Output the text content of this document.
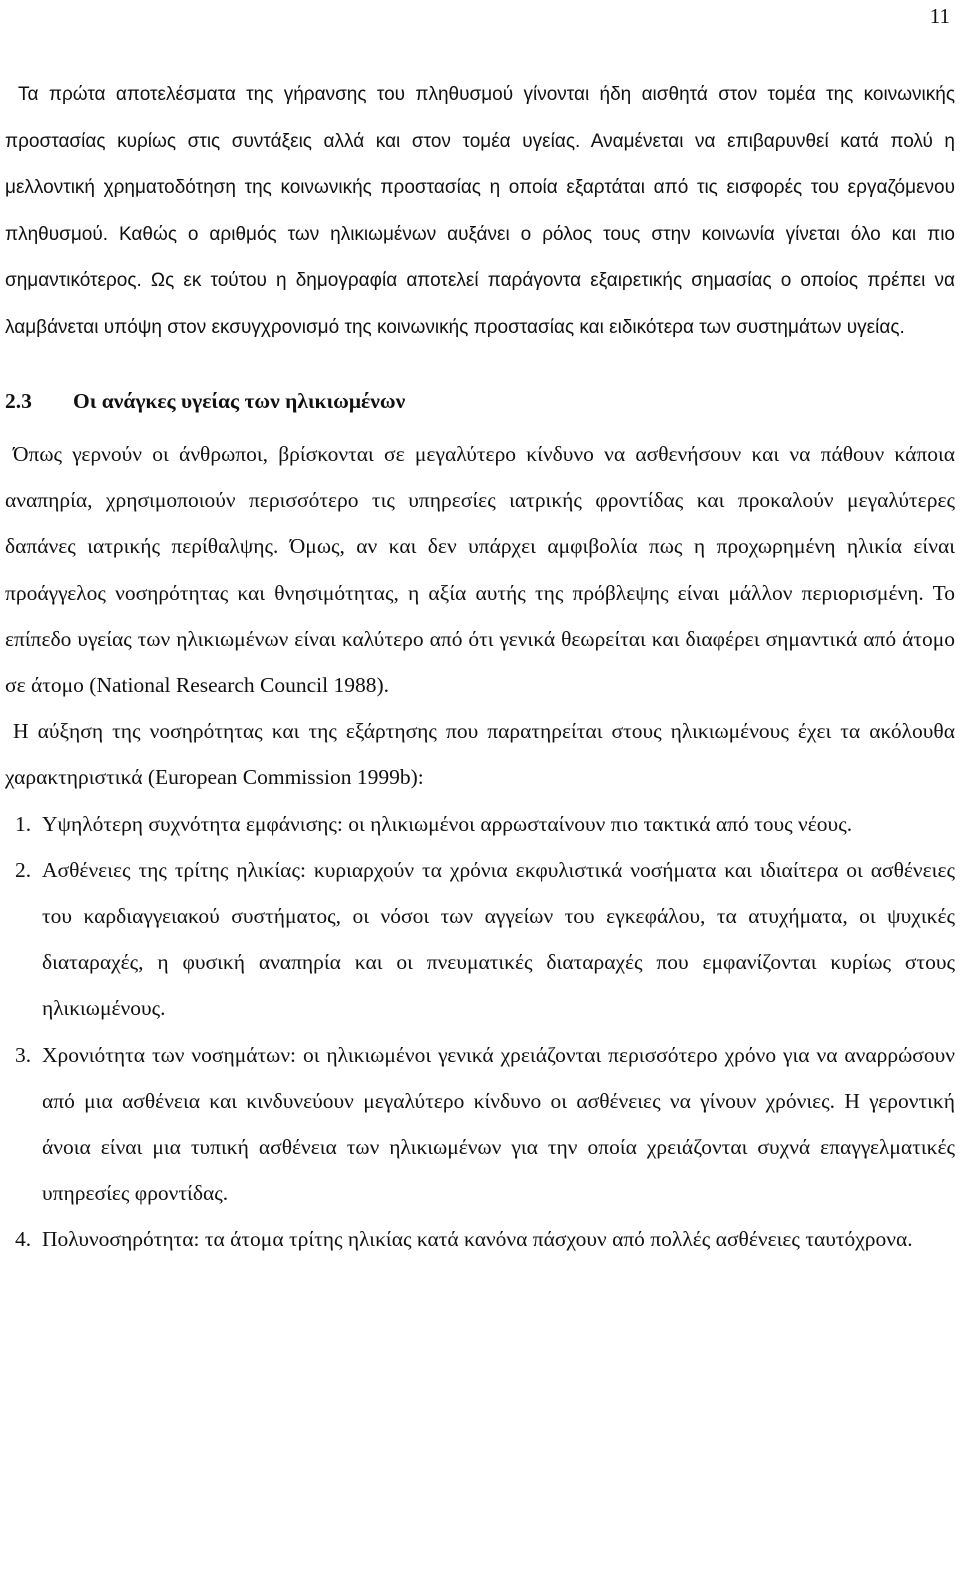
11

Τα πρώτα αποτελέσματα της γήρανσης του πληθυσμού γίνονται ήδη αισθητά στον τομέα της κοινωνικής προστασίας κυρίως στις συντάξεις αλλά και στον τομέα υγείας. Αναμένεται να επιβαρυνθεί κατά πολύ η μελλοντική χρηματοδότηση της κοινωνικής προστασίας η οποία εξαρτάται από τις εισφορές του εργαζόμενου πληθυσμού. Καθώς ο αριθμός των ηλικιωμένων αυξάνει ο ρόλος τους στην κοινωνία γίνεται όλο και πιο σημαντικότερος. Ως εκ τούτου η δημογραφία αποτελεί παράγοντα εξαιρετικής σημασίας ο οποίος πρέπει να λαμβάνεται υπόψη στον εκσυγχρονισμό της κοινωνικής προστασίας και ειδικότερα των συστημάτων υγείας.

2.3	Οι ανάγκες υγείας των ηλικιωμένων

Όπως γερνούν οι άνθρωποι, βρίσκονται σε μεγαλύτερο κίνδυνο να ασθενήσουν και να πάθουν κάποια αναπηρία, χρησιμοποιούν περισσότερο τις υπηρεσίες ιατρικής φροντίδας και προκαλούν μεγαλύτερες δαπάνες ιατρικής περίθαλψης. Όμως, αν και δεν υπάρχει αμφιβολία πως η προχωρημένη ηλικία είναι προάγγελος νοσηρότητας και θνησιμότητας, η αξία αυτής της πρόβλεψης είναι μάλλον περιορισμένη. Το επίπεδο υγείας των ηλικιωμένων είναι καλύτερο από ότι γενικά θεωρείται και διαφέρει σημαντικά από άτομο σε άτομο (National Research Council 1988).

Η αύξηση της νοσηρότητας και της εξάρτησης που παρατηρείται στους ηλικιωμένους έχει τα ακόλουθα χαρακτηριστικά (European Commission 1999b):

1. Υψηλότερη συχνότητα εμφάνισης: οι ηλικιωμένοι αρρωσταίνουν πιο τακτικά από τους νέους.
2. Ασθένειες της τρίτης ηλικίας: κυριαρχούν τα χρόνια εκφυλιστικά νοσήματα και ιδιαίτερα οι ασθένειες του καρδιαγγειακού συστήματος, οι νόσοι των αγγείων του εγκεφάλου, τα ατυχήματα, οι ψυχικές διαταραχές, η φυσική αναπηρία και οι πνευματικές διαταραχές που εμφανίζονται κυρίως στους ηλικιωμένους.
3. Χρονιότητα των νοσημάτων: οι ηλικιωμένοι γενικά χρειάζονται περισσότερο χρόνο για να αναρρώσουν από μια ασθένεια και κινδυνεύουν μεγαλύτερο κίνδυνο οι ασθένειες να γίνουν χρόνιες. Η γεροντική άνοια είναι μια τυπική ασθένεια των ηλικιωμένων για την οποία χρειάζονται συχνά επαγγελματικές υπηρεσίες φροντίδας.
4. Πολυνοσηρότητα: τα άτομα τρίτης ηλικίας κατά κανόνα πάσχουν από πολλές ασθένειες ταυτόχρονα.
